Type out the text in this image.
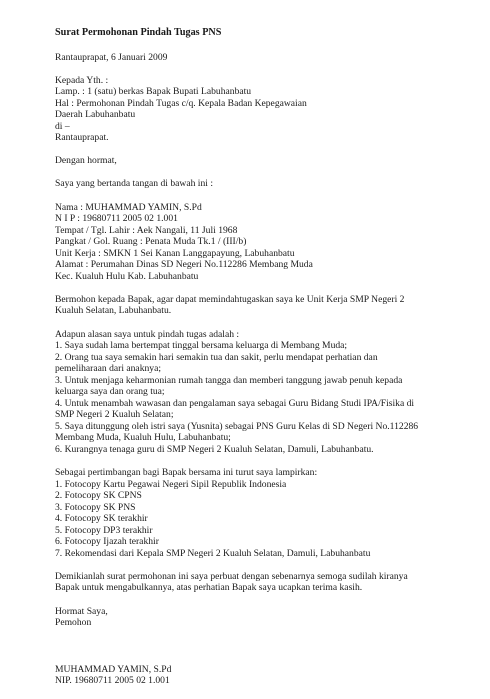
Surat Permohonan Pindah Tugas PNS
Rantauprapat, 6 Januari 2009
Kepada Yth. :
Lamp. : 1 (satu) berkas Bapak Bupati Labuhanbatu
Hal : Permohonan Pindah Tugas c/q. Kepala Badan Kepegawaian
Daerah Labuhanbatu
di –
Rantauprapat.
Dengan hormat,
Saya yang bertanda tangan di bawah ini :
Nama : MUHAMMAD YAMIN, S.Pd
N I P : 19680711 2005 02 1.001
Tempat / Tgl. Lahir : Aek Nangali, 11 Juli 1968
Pangkat / Gol. Ruang : Penata Muda Tk.1 / (III/b)
Unit Kerja : SMKN 1 Sei Kanan Langgapayung, Labuhanbatu
Alamat : Perumahan Dinas SD Negeri No.112286 Membang Muda
Kec. Kualuh Hulu Kab. Labuhanbatu
Bermohon kepada Bapak, agar dapat memindahtugaskan saya ke Unit Kerja SMP Negeri 2
Kualuh Selatan, Labuhanbatu.
Adapun alasan saya untuk pindah tugas adalah :
1. Saya sudah lama bertempat tinggal bersama keluarga di Membang Muda;
2. Orang tua saya semakin hari semakin tua dan sakit, perlu mendapat perhatian dan
pemeliharaan dari anaknya;
3. Untuk menjaga keharmonian rumah tangga dan memberi tanggung jawab penuh kepada
keluarga saya dan orang tua;
4. Untuk menambah wawasan dan pengalaman saya sebagai Guru Bidang Studi IPA/Fisika di
SMP Negeri 2 Kualuh Selatan;
5. Saya ditunggung oleh istri saya (Yusnita) sebagai PNS Guru Kelas di SD Negeri No.112286
Membang Muda, Kualuh Hulu, Labuhanbatu;
6. Kurangnya tenaga guru di SMP Negeri 2 Kualuh Selatan, Damuli, Labuhanbatu.
Sebagai pertimbangan bagi Bapak bersama ini turut saya lampirkan:
1. Fotocopy Kartu Pegawai Negeri Sipil Republik Indonesia
2. Fotocopy SK CPNS
3. Fotocopy SK PNS
4. Fotocopy SK terakhir
5. Fotocopy DP3 terakhir
6. Fotocopy Ijazah terakhir
7. Rekomendasi dari Kepala SMP Negeri 2 Kualuh Selatan, Damuli, Labuhanbatu
Demikianlah surat permohonan ini saya perbuat dengan sebenarnya semoga sudilah kiranya
Bapak untuk mengabulkannya, atas perhatian Bapak saya ucapkan terima kasih.
Hormat Saya,
Pemohon
MUHAMMAD YAMIN, S.Pd
NIP. 19680711 2005 02 1.001
